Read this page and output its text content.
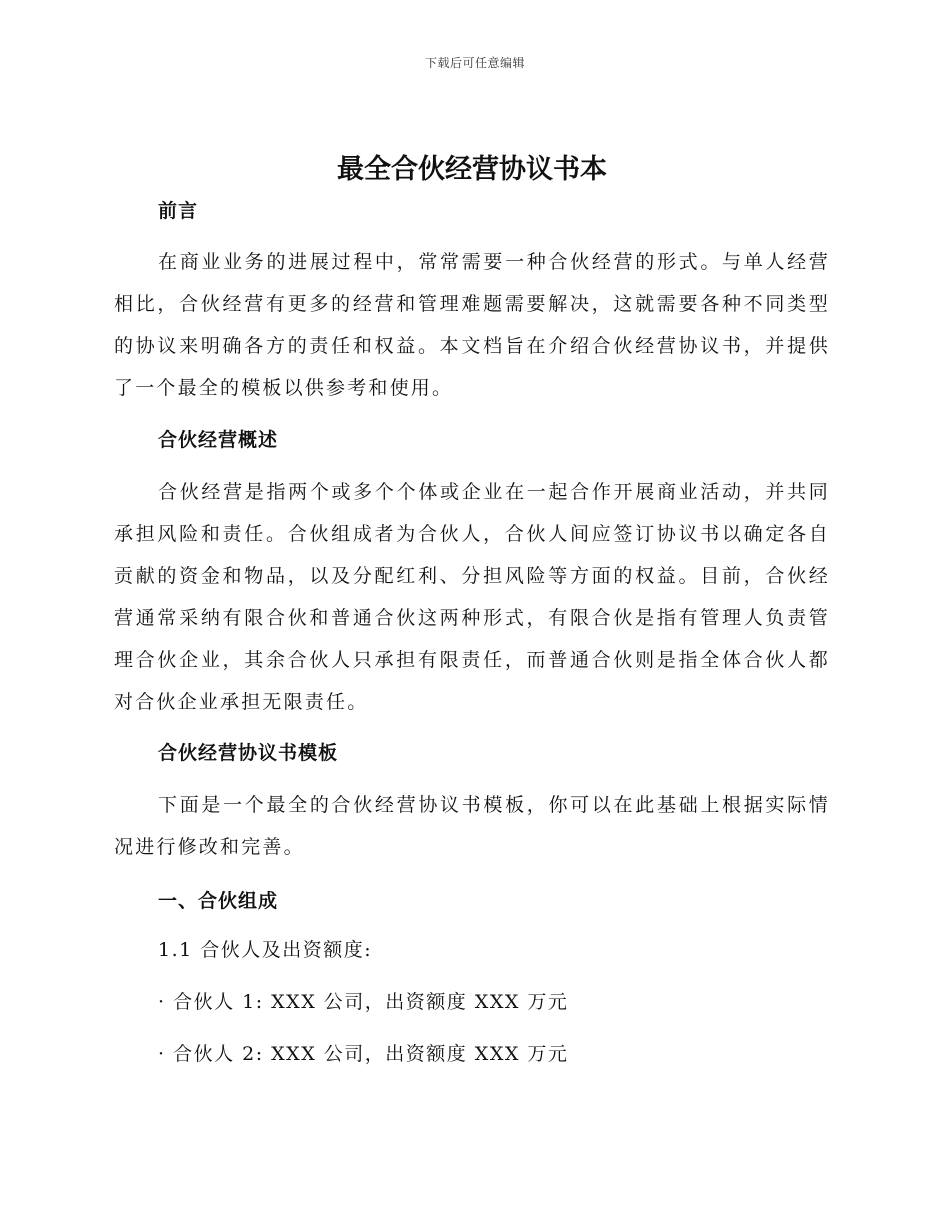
下载后可任意编辑
最全合伙经营协议书本
前言

在商业业务的进展过程中，常常需要一种合伙经营的形式。与单人经营相比，合伙经营有更多的经营和管理难题需要解决，这就需要各种不同类型的协议来明确各方的责任和权益。本文档旨在介绍合伙经营协议书，并提供了一个最全的模板以供参考和使用。

合伙经营概述

合伙经营是指两个或多个个体或企业在一起合作开展商业活动，并共同承担风险和责任。合伙组成者为合伙人，合伙人间应签订协议书以确定各自贡献的资金和物品，以及分配红利、分担风险等方面的权益。目前，合伙经营通常采纳有限合伙和普通合伙这两种形式，有限合伙是指有管理人负责管理合伙企业，其余合伙人只承担有限责任，而普通合伙则是指全体合伙人都对合伙企业承担无限责任。

合伙经营协议书模板

下面是一个最全的合伙经营协议书模板，你可以在此基础上根据实际情况进行修改和完善。

一、合伙组成

1.1 合伙人及出资额度:

· 合伙人 1: XXX 公司，出资额度 XXX 万元

· 合伙人 2: XXX 公司，出资额度 XXX 万元
